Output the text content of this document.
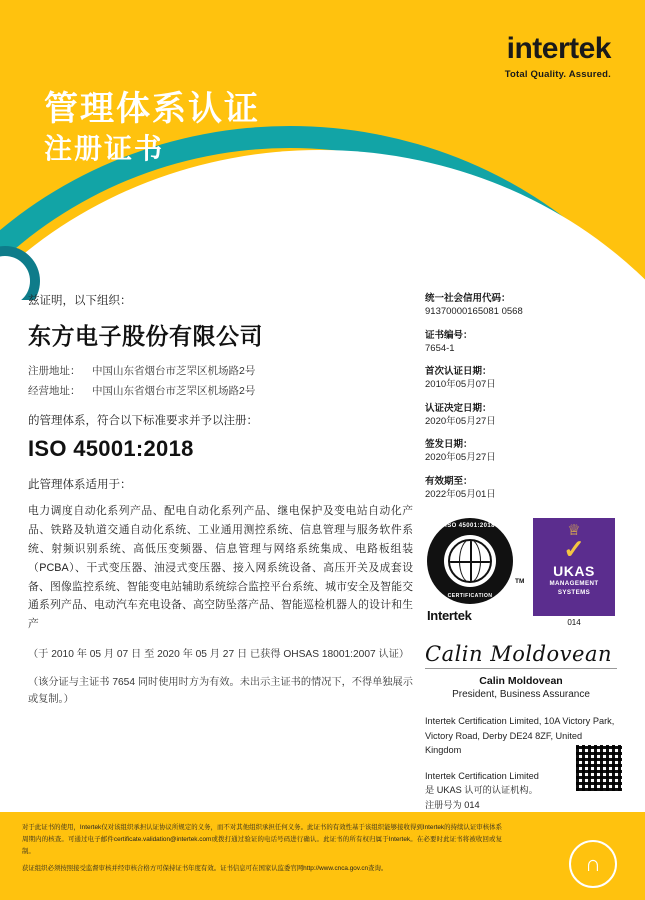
intertek
Total Quality. Assured.
管理体系认证
注册证书
兹证明，以下组织：
东方电子股份有限公司
注册地址： 中国山东省烟台市芝罘区机场路2号
经营地址： 中国山东省烟台市芝罘区机场路2号
的管理体系，符合以下标准要求并予以注册：
ISO 45001:2018
此管理体系适用于：
电力调度自动化系列产品、配电自动化系列产品、继电保护及变电站自动化产品、铁路及轨道交通自动化系统、工业通用测控系统、信息管理与服务软件系统、射频识别系统、高低压变频器、信息管理与网络系统集成、电路板组装（PCBA）、干式变压器、油浸式变压器、接入网系统设备、高压开关及成套设备、图像监控系统、智能变电站辅助系统综合监控平台系统、城市安全及智能交通系列产品、电动汽车充电设备、高空防坠落产品、智能巡检机器人的设计和生产
（于 2010 年 05 月 07 日 至 2020 年 05 月 27 日 已获得 OHSAS 18001:2007 认证）
（该分证与主证书 7654 同时使用时方为有效。未出示主证书的情况下，不得单独展示或复制。）
统一社会信用代码：
91370000165081 0568
证书编号：
7654-1
首次认证日期：
2010年05月07日
认证决定日期：
2020年05月27日
签发日期：
2020年05月27日
有效期至：
2022年05月01日
ISO 45001:2018
CERTIFICATION
TM
Intertek
♕
✓
UKAS
MANAGEMENT
SYSTEMS
014
Calin Moldovean
Calin Moldovean
President, Business Assurance
Intertek Certification Limited, 10A Victory Park, Victory Road, Derby DE24 8ZF, United Kingdom
Intertek Certification Limited
是 UKAS 认可的认证机构。
注册号为 014

对于此证书的使用，Intertek仅对该组织承担认证协议所规定的义务，而不对其他组织承担任何义务。此证书的有效性基于该组织能够接收得到Intertek的持续认证审核体系周期内的核查。可通过电子邮件certificate.validation@intertek.com或拨打通过验证的电话号码进行确认。此证书的所有权归属于Intertek。在必要时此证书将被收回或复制。

获证组织必须按照接受监督审核并经审核合格方可保持证书年度有效。证书信息可在国家认监委官网http://www.cnca.gov.cn查询。	∩
